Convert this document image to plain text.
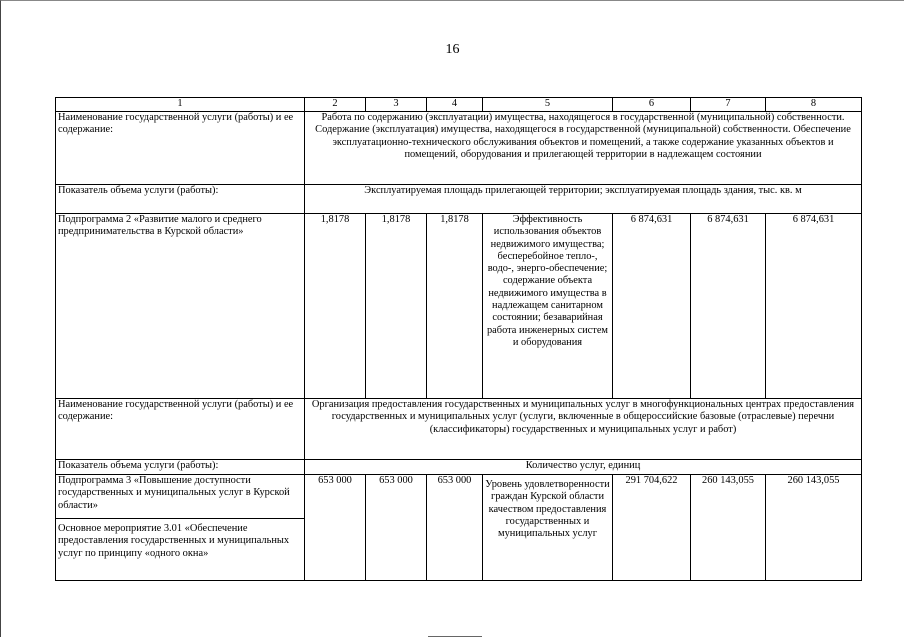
16
1	2	3	4	5	6	7	8
Наименование государственной услуги (работы) и ее содержание:	Работа по содержанию (эксплуатации) имущества, находящегося в государственной (муниципальной) собственности.
Содержание (эксплуатация) имущества, находящегося в государственной (муниципальной) собственности. Обеспечение эксплуатационно-технического обслуживания объектов и помещений, а также содержание указанных объектов и помещений, оборудования и прилегающей территории в надлежащем состоянии						

Показатель объема услуги (работы):	Эксплуатируемая площадь прилегающей территории; эксплуатируемая площадь здания, тыс. кв. м						
Подпрограмма 2 «Развитие малого и среднего предпринимательства в Курской области»	1,8178	1,8178	1,8178	Эффективность использования объектов недвижимого имущества; бесперебойное тепло-, водо-, энерго-обеспечение; содержание объекта недвижимого имущества в надлежащем санитарном состоянии; безаварийная работа инженерных систем и оборудования	6 874,631	6 874,631	6 874,631
Наименование государственной услуги (работы) и ее содержание:	Организация предоставления государственных и муниципальных услуг в многофункциональных центрах предоставления государственных и муниципальных услуг (услуги, включенные в общероссийские базовые (отраслевые) перечни (классификаторы) государственных и муниципальных услуг и работ)						
Показатель объема услуги (работы):	Количество услуг, единиц						
Подпрограмма 3 «Повышение доступности государственных и муниципальных услуг в Курской области»	653 000	653 000	653 000	Уровень удовлетворенности граждан Курской области качеством предоставления государственных и муниципальных услуг	291 704,622	260 143,055	260 143,055
Основное мероприятие 3.01 «Обеспечение предоставления государственных и муниципальных услуг по принципу «одного окна»							
